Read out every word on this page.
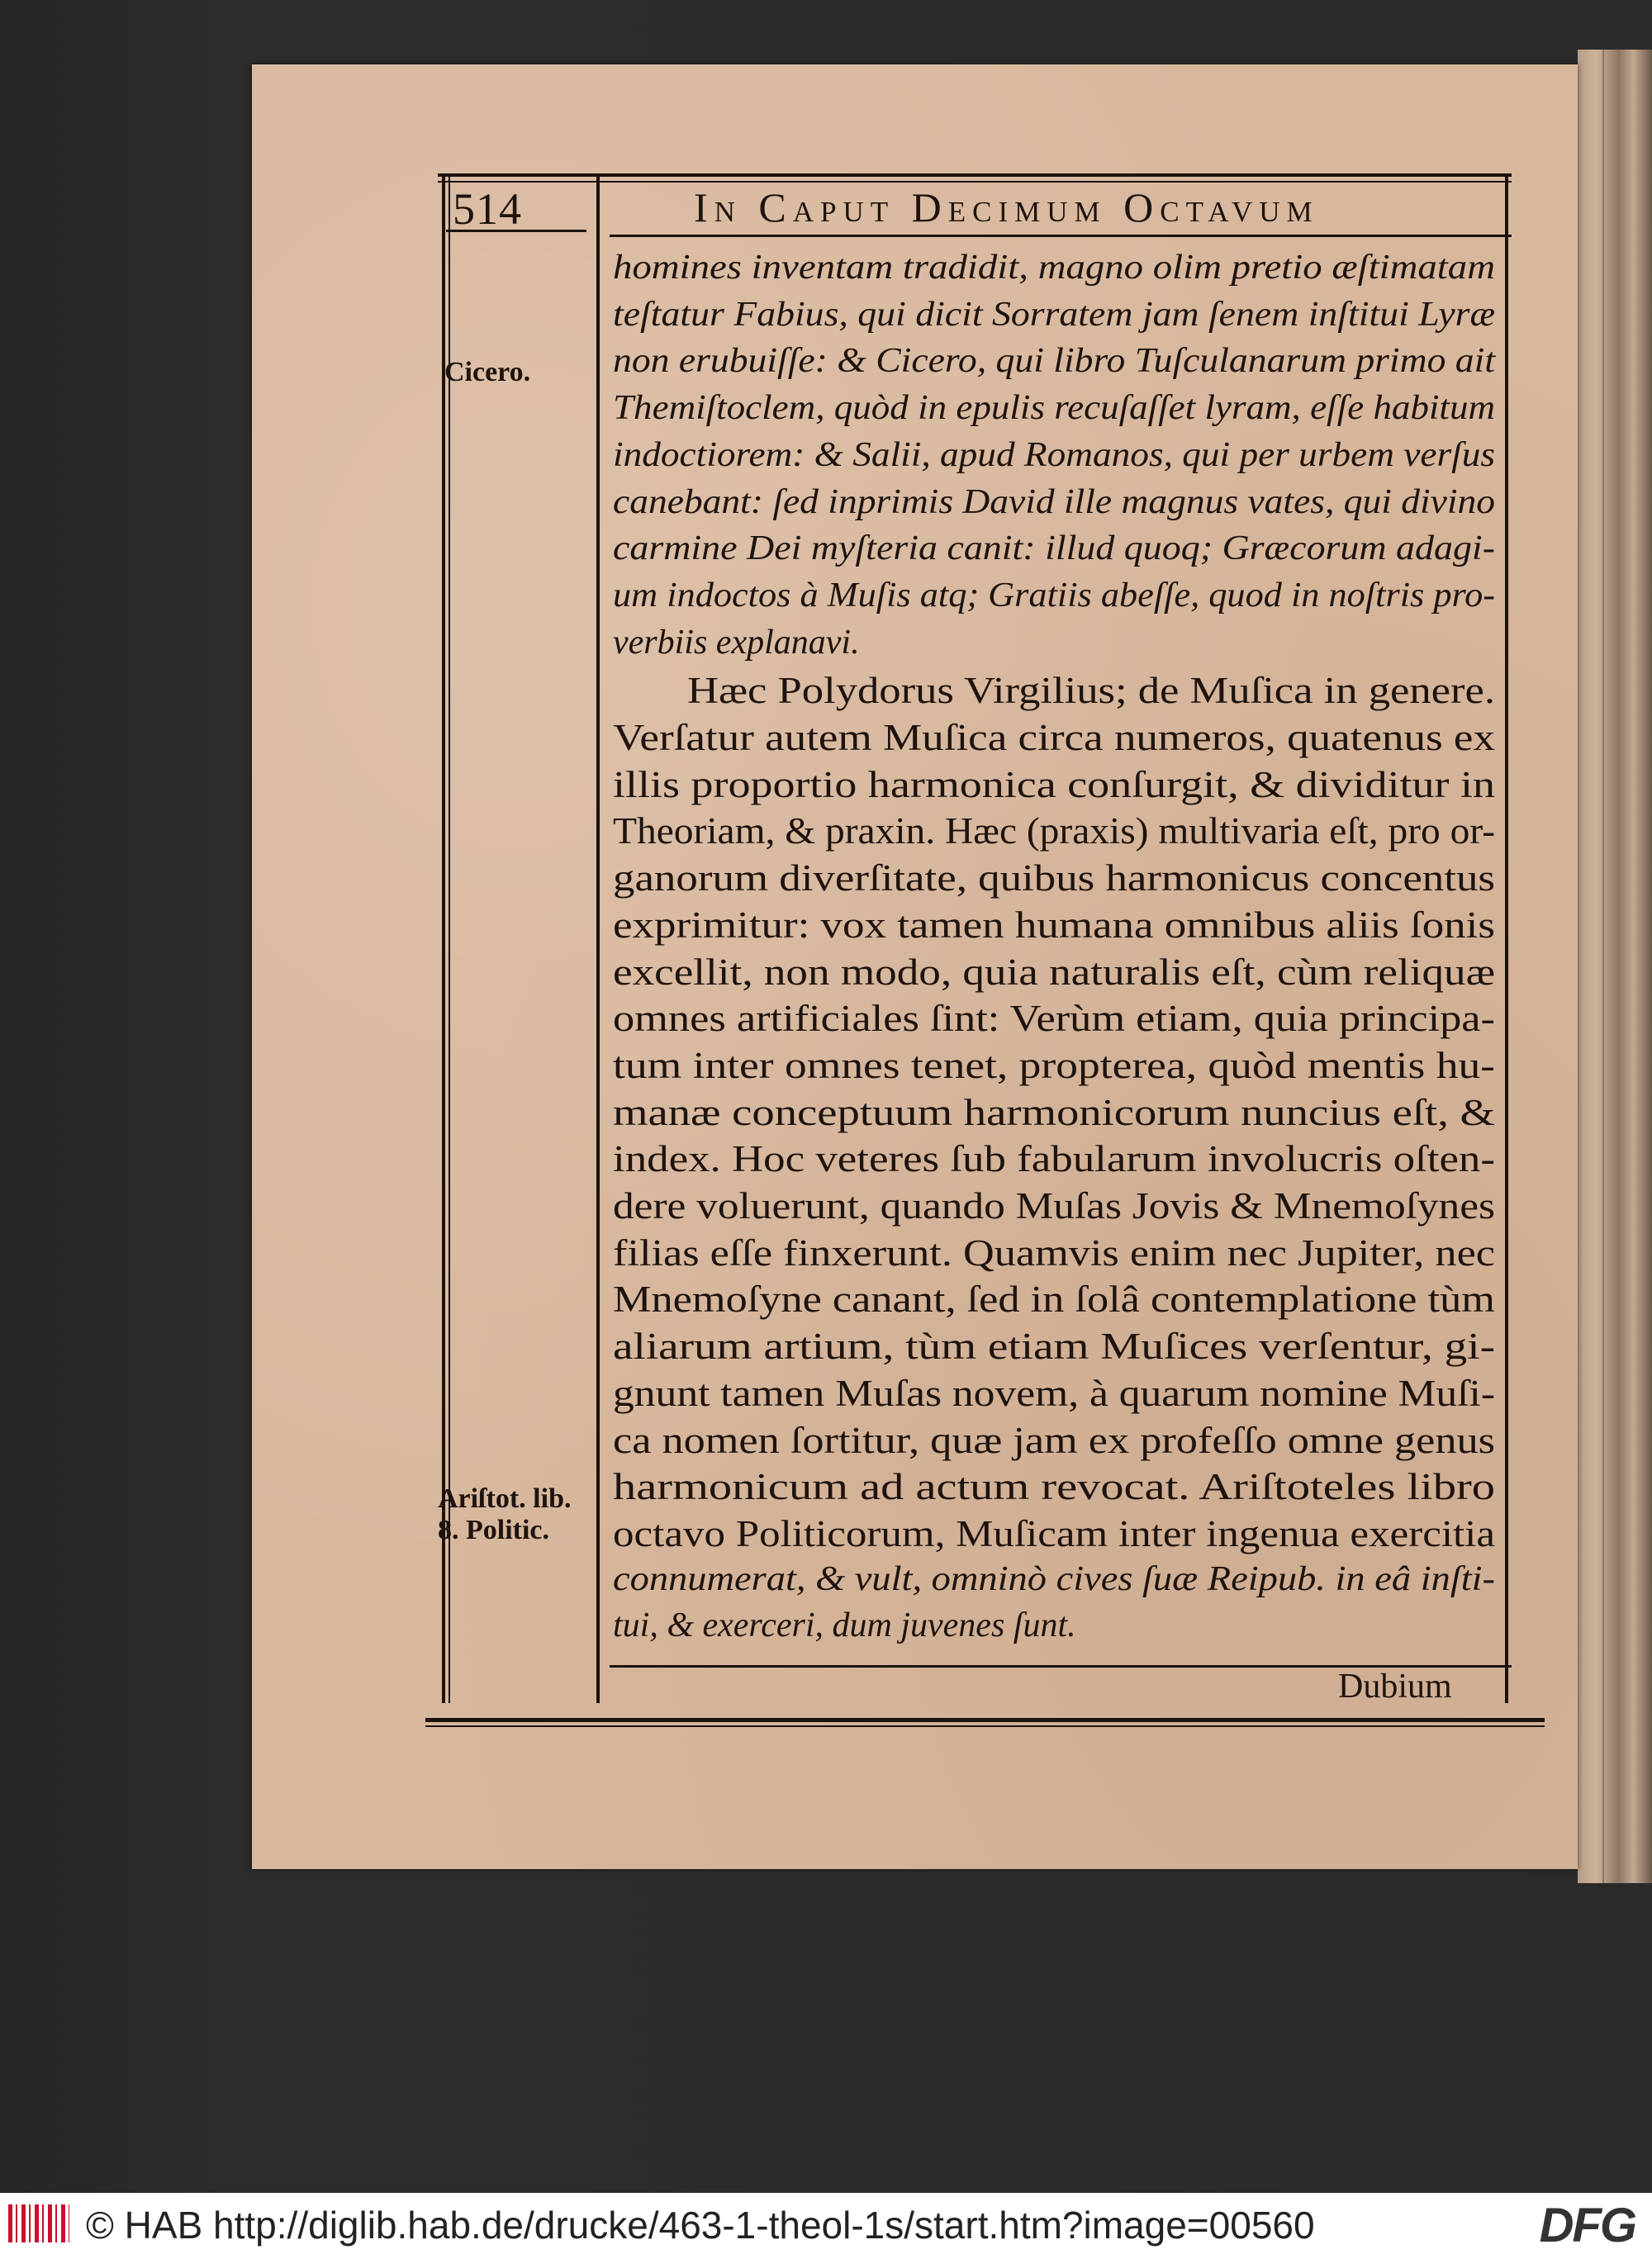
514	In Caput Decimum Octavum
Cicero.
Ariſtot. lib.
8. Politic.
homines inventam tradidit, magno olim pretio æſtimatam
teſtatur Fabius, qui dicit Sorratem jam ſenem inſtitui Lyræ
non erubuiſſe: & Cicero, qui libro Tuſculanarum primo ait
Themiſtoclem, quòd in epulis recuſaſſet lyram, eſſe habitum
indoctiorem: & Salii, apud Romanos, qui per urbem verſus
canebant: ſed inprimis David ille magnus vates, qui divino
carmine Dei myſteria canit: illud quoq; Græcorum adagi-
um indoctos à Muſis atq; Gratiis abeſſe, quod in noſtris pro-
verbiis explanavi.
Hæc Polydorus Virgilius; de Muſica in genere.
Verſatur autem Muſica circa numeros, quatenus ex
illis proportio harmonica conſurgit, & dividitur in
Theoriam, & praxin. Hæc (praxis) multivaria eſt, pro or-
ganorum diverſitate, quibus harmonicus concentus
exprimitur: vox tamen humana omnibus aliis ſonis
excellit, non modo, quia naturalis eſt, cùm reliquæ
omnes artificiales ſint: Verùm etiam, quia principa-
tum inter omnes tenet, propterea, quòd mentis hu-
manæ conceptuum harmonicorum nuncius eſt, &
index. Hoc veteres ſub fabularum involucris oſten-
dere voluerunt, quando Muſas Jovis & Mnemoſynes
filias eſſe finxerunt. Quamvis enim nec Jupiter, nec
Mnemoſyne canant, ſed in ſolâ contemplatione tùm
aliarum artium, tùm etiam Muſices verſentur, gi-
gnunt tamen Muſas novem, à quarum nomine Muſi-
ca nomen ſortitur, quæ jam ex profeſſo omne genus
harmonicum ad actum revocat. Ariſtoteles libro
octavo Politicorum, Muſicam inter ingenua exercitia
connumerat, & vult, omninò cives ſuæ Reipub. in eâ inſti-
tui, & exerceri, dum juvenes ſunt.
Dubium
© HAB http://diglib.hab.de/drucke/463-1-theol-1s/start.htm?image=00560	DFG
